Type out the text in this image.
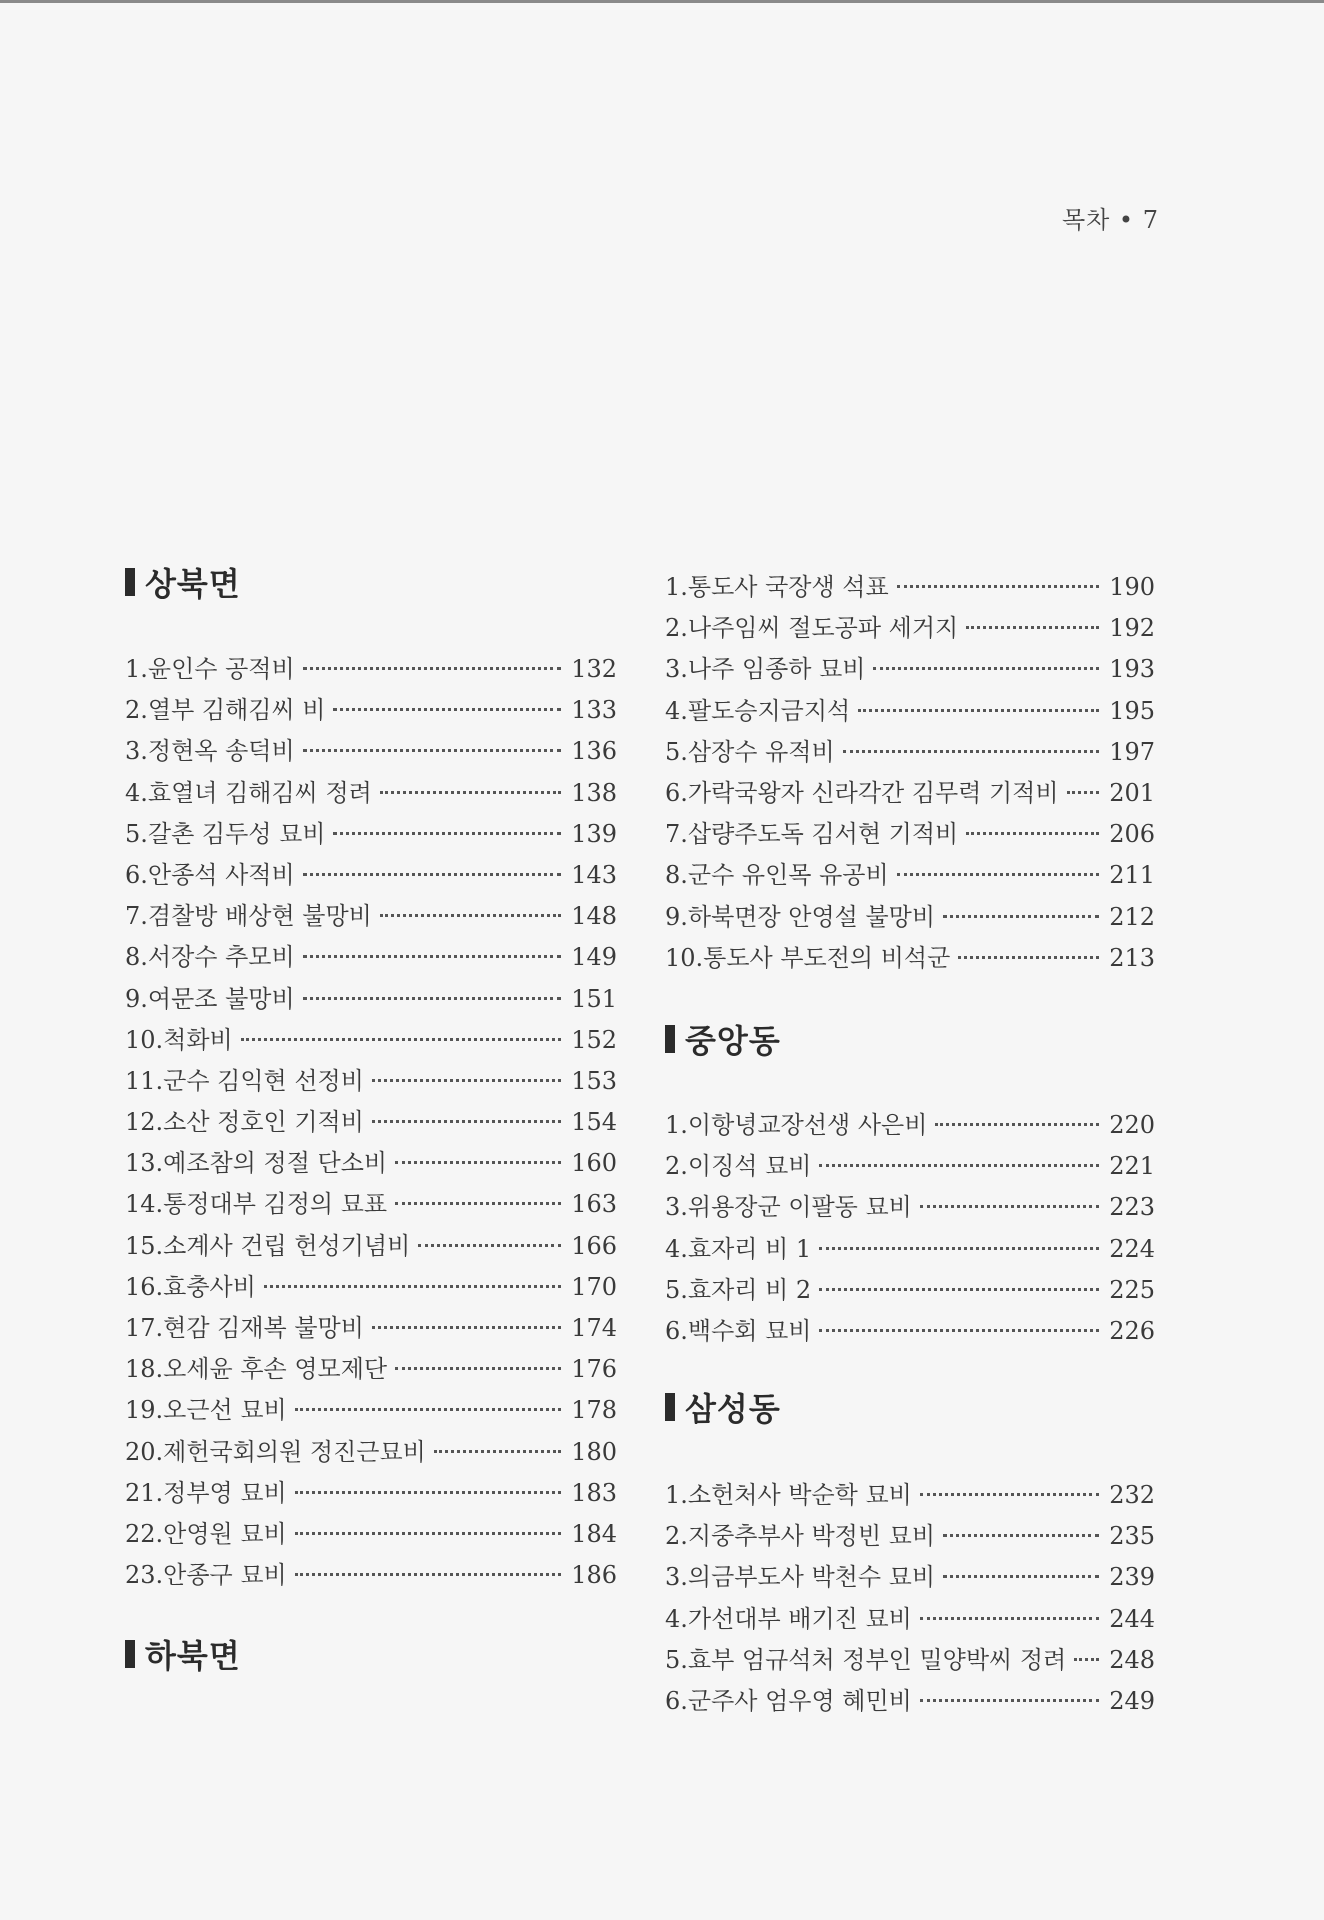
목차 • 7
상북면
1. 윤인수 공적비	132
2. 열부 김해김씨 비	133
3. 정현옥 송덕비	136
4. 효열녀 김해김씨 정려	138
5. 갈촌 김두성 묘비	139
6. 안종석 사적비	143
7. 겸찰방 배상현 불망비	148
8. 서장수 추모비	149
9. 여문조 불망비	151
10. 척화비	152
11. 군수 김익현 선정비	153
12. 소산 정호인 기적비	154
13. 예조참의 정절 단소비	160
14. 통정대부 김정의 묘표	163
15. 소계사 건립 헌성기념비	166
16. 효충사비	170
17. 현감 김재복 불망비	174
18. 오세윤 후손 영모제단	176
19. 오근선 묘비	178
20. 제헌국회의원 정진근묘비	180
21. 정부영 묘비	183
22. 안영원 묘비	184
23. 안종구 묘비	186
하북면
1. 통도사 국장생 석표	190
2. 나주임씨 절도공파 세거지	192
3. 나주 임종하 묘비	193
4. 팔도승지금지석	195
5. 삼장수 유적비	197
6. 가락국왕자 신라각간 김무력 기적비 201
7. 삽량주도독 김서현 기적비	206
8. 군수 유인목 유공비	211
9. 하북면장 안영설 불망비	212
10. 통도사 부도전의 비석군	213
중앙동
1. 이항녕교장선생 사은비	220
2. 이징석 묘비	221
3. 위용장군 이팔동 묘비	223
4. 효자리 비 1	224
5. 효자리 비 2	225
6. 백수회 묘비	226
삼성동
1. 소헌처사 박순학 묘비	232
2. 지중추부사 박정빈 묘비	235
3. 의금부도사 박천수 묘비	239
4. 가선대부 배기진 묘비	244
5. 효부 엄규석처 정부인 밀양박씨 정려 248
6. 군주사 엄우영 혜민비	249
